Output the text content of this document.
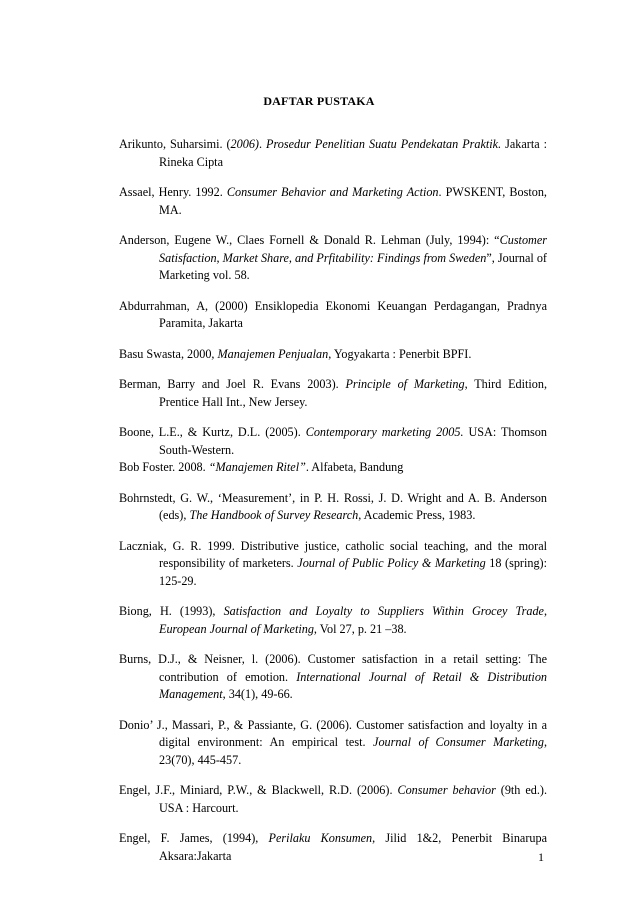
DAFTAR PUSTAKA

Arikunto, Suharsimi. (2006). Prosedur Penelitian Suatu Pendekatan Praktik. Jakarta : Rineka Cipta

Assael, Henry. 1992. Consumer Behavior and Marketing Action. PWSKENT, Boston, MA.

Anderson, Eugene W., Claes Fornell & Donald R. Lehman (July, 1994): “Customer Satisfaction, Market Share, and Prfitability: Findings from Sweden”, Journal of Marketing vol. 58.

Abdurrahman, A, (2000) Ensiklopedia Ekonomi Keuangan Perdagangan, Pradnya Paramita, Jakarta

Basu Swasta, 2000, Manajemen Penjualan, Yogyakarta : Penerbit BPFI.

Berman, Barry and Joel R. Evans 2003). Principle of Marketing, Third Edition, Prentice Hall Int., New Jersey.

Boone, L.E., & Kurtz, D.L. (2005). Contemporary marketing 2005. USA: Thomson South-Western.

Bob Foster. 2008. “Manajemen Ritel”. Alfabeta, Bandung

Bohrnstedt, G. W., ‘Measurement’, in P. H. Rossi, J. D. Wright and A. B. Anderson (eds), The Handbook of Survey Research, Academic Press, 1983.

Laczniak, G. R. 1999. Distributive justice, catholic social teaching, and the moral responsibility of marketers. Journal of Public Policy & Marketing 18 (spring): 125-29.

Biong, H. (1993), Satisfaction and Loyalty to Suppliers Within Grocey Trade, European Journal of Marketing, Vol 27, p. 21 –38.

Burns, D.J., & Neisner, l. (2006). Customer satisfaction in a retail setting: The contribution of emotion. International Journal of Retail & Distribution Management, 34(1), 49-66.

Donio’ J., Massari, P., & Passiante, G. (2006). Customer satisfaction and loyalty in a digital environment: An empirical test. Journal of Consumer Marketing, 23(70), 445-457.

Engel, J.F., Miniard, P.W., & Blackwell, R.D. (2006). Consumer behavior (9th ed.). USA : Harcourt.

Engel, F. James, (1994), Perilaku Konsumen, Jilid 1&2, Penerbit Binarupa Aksara:Jakarta	1
